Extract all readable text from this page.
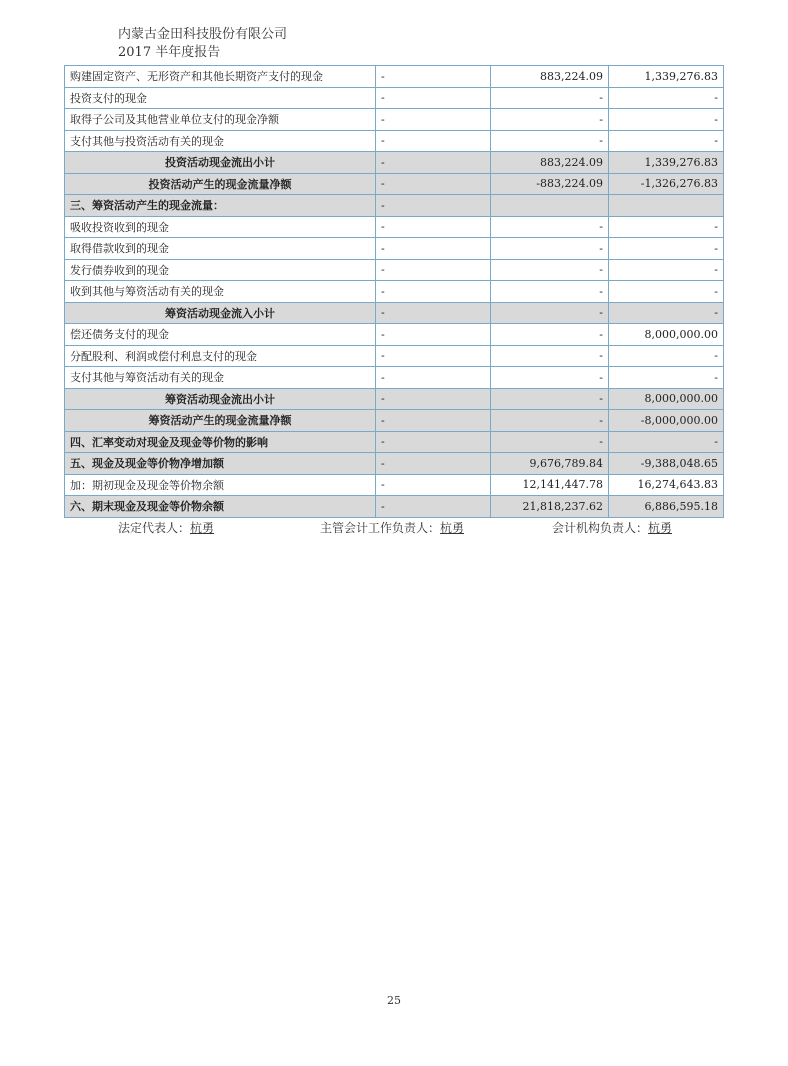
内蒙古金田科技股份有限公司
2017 半年度报告
购建固定资产、无形资产和其他长期资产支付的现金	-	883,224.09	1,339,276.83
投资支付的现金	-	-	-
取得子公司及其他营业单位支付的现金净额	-	-	-
支付其他与投资活动有关的现金	-	-	-
投资活动现金流出小计	-	883,224.09	1,339,276.83
投资活动产生的现金流量净额	-	-883,224.09	-1,326,276.83
三、筹资活动产生的现金流量：	-		
吸收投资收到的现金	-	-	-
取得借款收到的现金	-	-	-
发行债券收到的现金	-	-	-
收到其他与筹资活动有关的现金	-	-	-
筹资活动现金流入小计	-	-	-
偿还债务支付的现金	-	-	8,000,000.00
分配股利、利润或偿付利息支付的现金	-	-	-
支付其他与筹资活动有关的现金	-	-	-
筹资活动现金流出小计	-	-	8,000,000.00
筹资活动产生的现金流量净额	-	-	-8,000,000.00
四、汇率变动对现金及现金等价物的影响	-	-	-
五、现金及现金等价物净增加额	-	9,676,789.84	-9,388,048.65
加：期初现金及现金等价物余额	-	12,141,447.78	16,274,643.83
六、期末现金及现金等价物余额	-	21,818,237.62	6,886,595.18
法定代表人：杭勇	主管会计工作负责人：杭勇	会计机构负责人：杭勇
25
